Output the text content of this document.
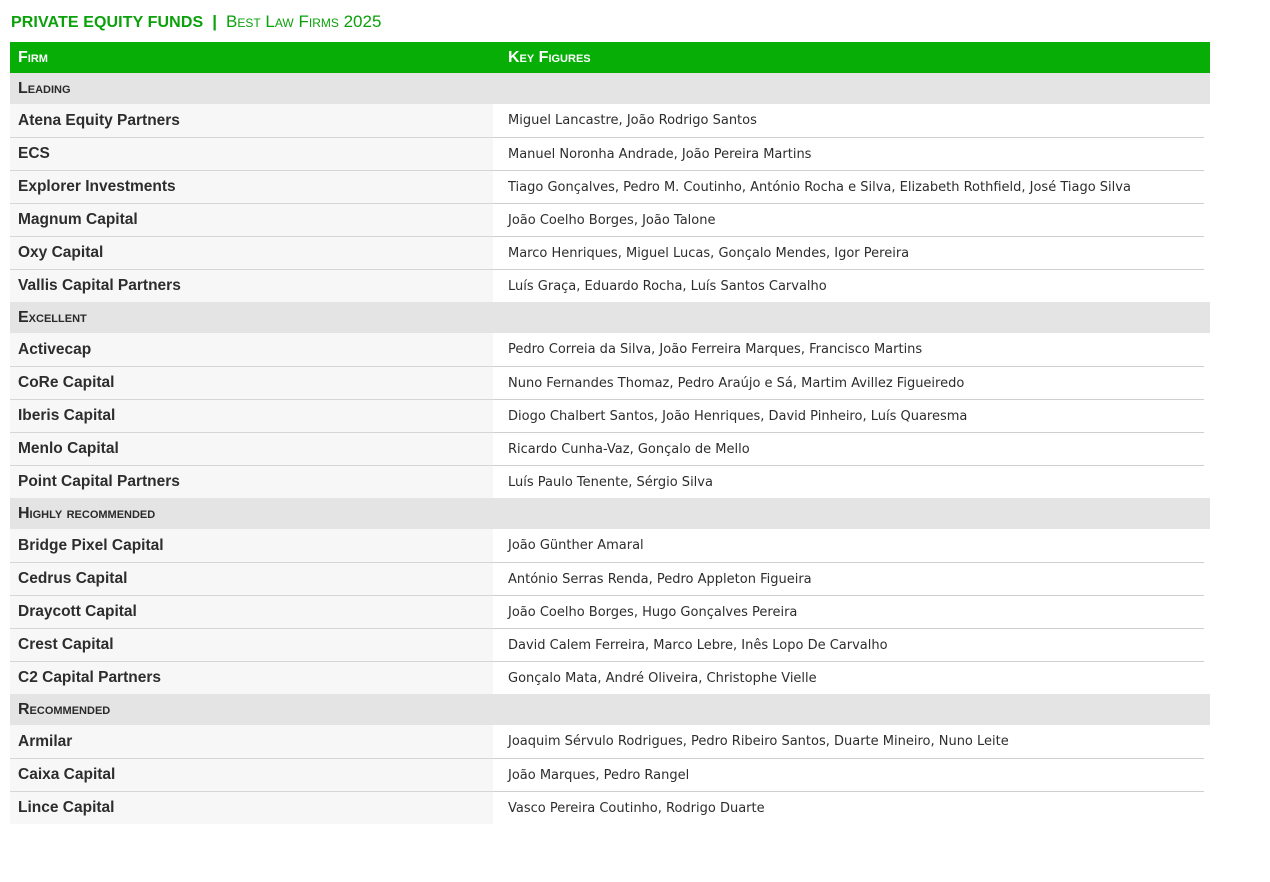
PRIVATE EQUITY FUNDS | Best Law Firms 2025
Firm	Key Figures
Leading
Atena Equity Partners
ECS
Explorer Investments
Magnum Capital
Oxy Capital
Vallis Capital Partners
Miguel Lancastre, João Rodrigo Santos
Manuel Noronha Andrade, João Pereira Martins
Tiago Gonçalves, Pedro M. Coutinho, António Rocha e Silva, Elizabeth Rothfield, José Tiago Silva
João Coelho Borges, João Talone
Marco Henriques, Miguel Lucas, Gonçalo Mendes, Igor Pereira
Luís Graça, Eduardo Rocha, Luís Santos Carvalho
Excellent
Activecap
CoRe Capital
Iberis Capital
Menlo Capital
Point Capital Partners
Pedro Correia da Silva, João Ferreira Marques, Francisco Martins
Nuno Fernandes Thomaz, Pedro Araújo e Sá, Martim Avillez Figueiredo
Diogo Chalbert Santos, João Henriques, David Pinheiro, Luís Quaresma
Ricardo Cunha-Vaz, Gonçalo de Mello
Luís Paulo Tenente, Sérgio Silva
Highly recommended
Bridge Pixel Capital
Cedrus Capital
Draycott Capital
Crest Capital
C2 Capital Partners
João Günther Amaral
António Serras Renda, Pedro Appleton Figueira
João Coelho Borges, Hugo Gonçalves Pereira
David Calem Ferreira, Marco Lebre, Inês Lopo De Carvalho
Gonçalo Mata, André Oliveira, Christophe Vielle
Recommended
Armilar
Caixa Capital
Lince Capital
Joaquim Sérvulo Rodrigues, Pedro Ribeiro Santos, Duarte Mineiro, Nuno Leite
João Marques, Pedro Rangel
Vasco Pereira Coutinho, Rodrigo Duarte
